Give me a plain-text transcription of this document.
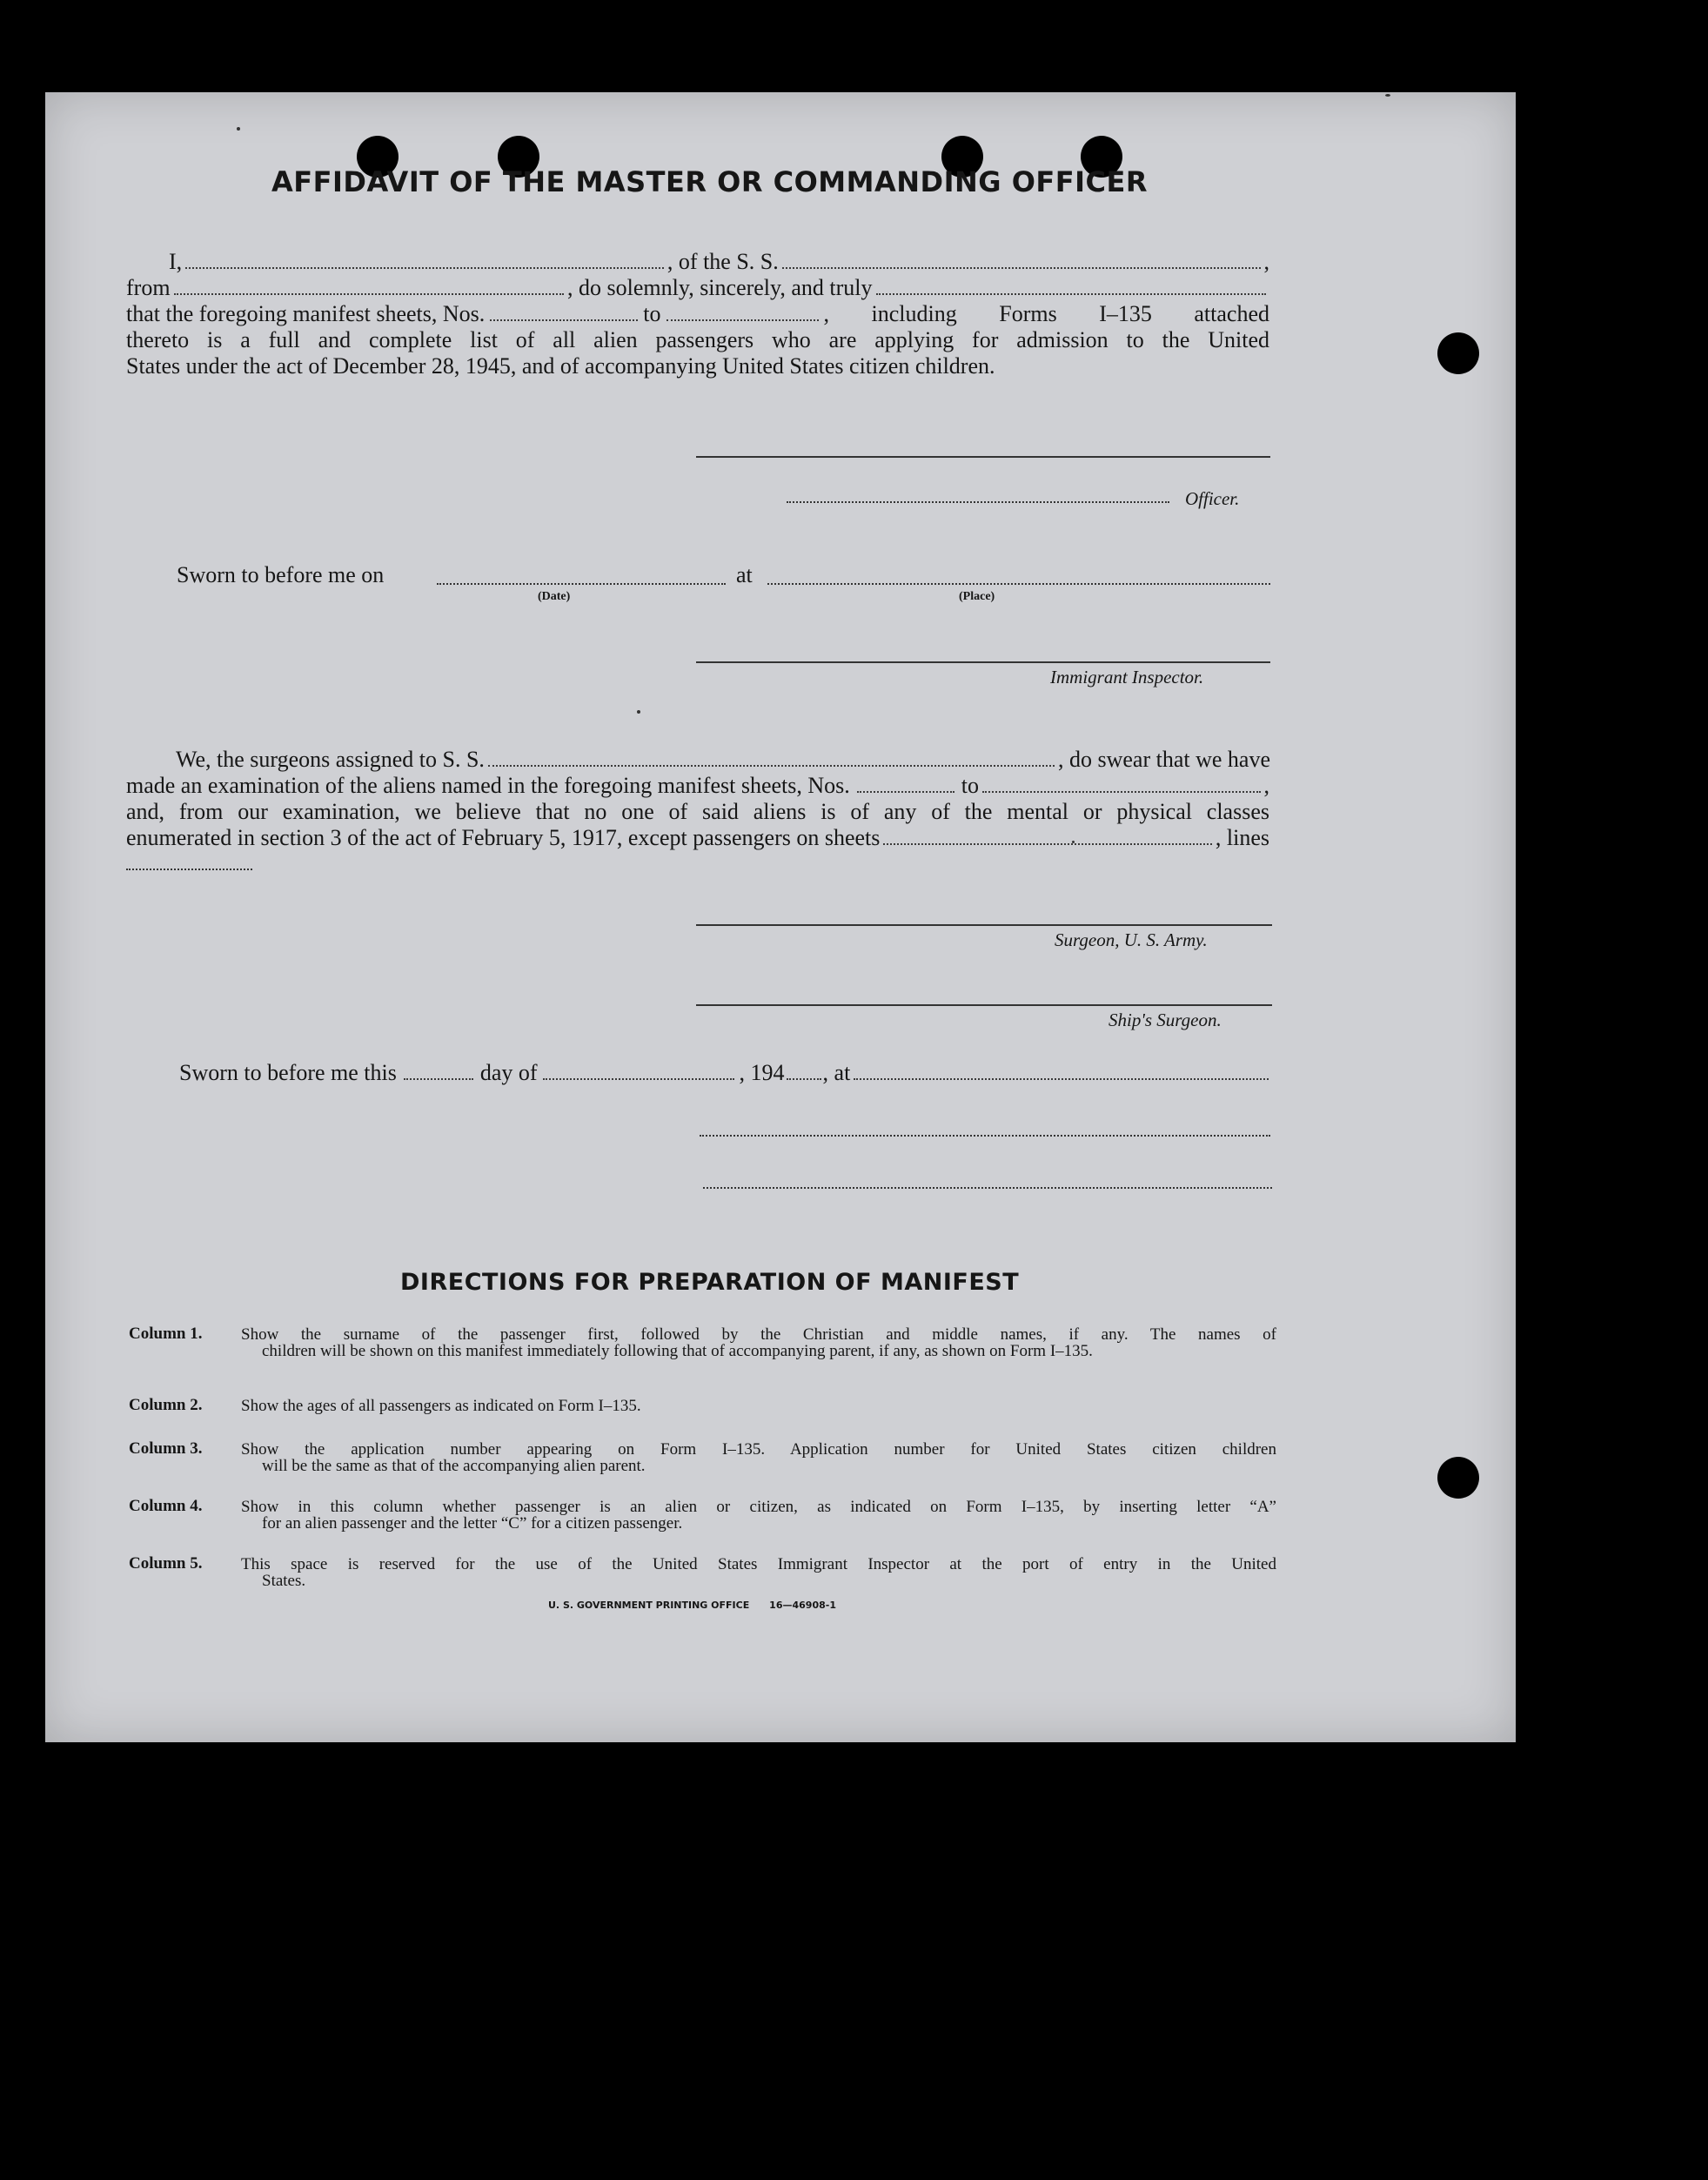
AFFIDAVIT OF THE MASTER OR COMMANDING OFFICER
I,	, of the S. S.	,
from	, do solemnly, sincerely, and truly
that the foregoing manifest sheets, Nos.	to	, including Forms I–135 attached
thereto is a full and complete list of all alien passengers who are applying for admission to the United
States under the act of December 28, 1945, and of accompanying United States citizen children.
Officer.
Sworn to before me on	at
(Date)	(Place)
Immigrant Inspector.
We, the surgeons assigned to S. S.	, do swear that we have
made an examination of the aliens named in the foregoing manifest sheets, Nos.	to	,
and, from our examination, we believe that no one of said aliens is of any of the mental or physical classes
enumerated in section 3 of the act of February 5, 1917, except passengers on sheets	, lines
Surgeon, U. S. Army.
Ship's Surgeon.
Sworn to before me this	day of	, 194 , at
DIRECTIONS FOR PREPARATION OF MANIFEST
Column 1. Show the surname of the passenger first, followed by the Christian and middle names, if any. The names of
children will be shown on this manifest immediately following that of accompanying parent, if any, as shown on Form I–135.
Column 2. Show the ages of all passengers as indicated on Form I–135.
Column 3. Show the application number appearing on Form I–135. Application number for United States citizen children
will be the same as that of the accompanying alien parent.
Column 4. Show in this column whether passenger is an alien or citizen, as indicated on Form I–135, by inserting letter “A”
for an alien passenger and the letter “C” for a citizen passenger.
Column 5. This space is reserved for the use of the United States Immigrant Inspector at the port of entry in the United
States.
U. S. GOVERNMENT PRINTING OFFICE      16—46908-1
